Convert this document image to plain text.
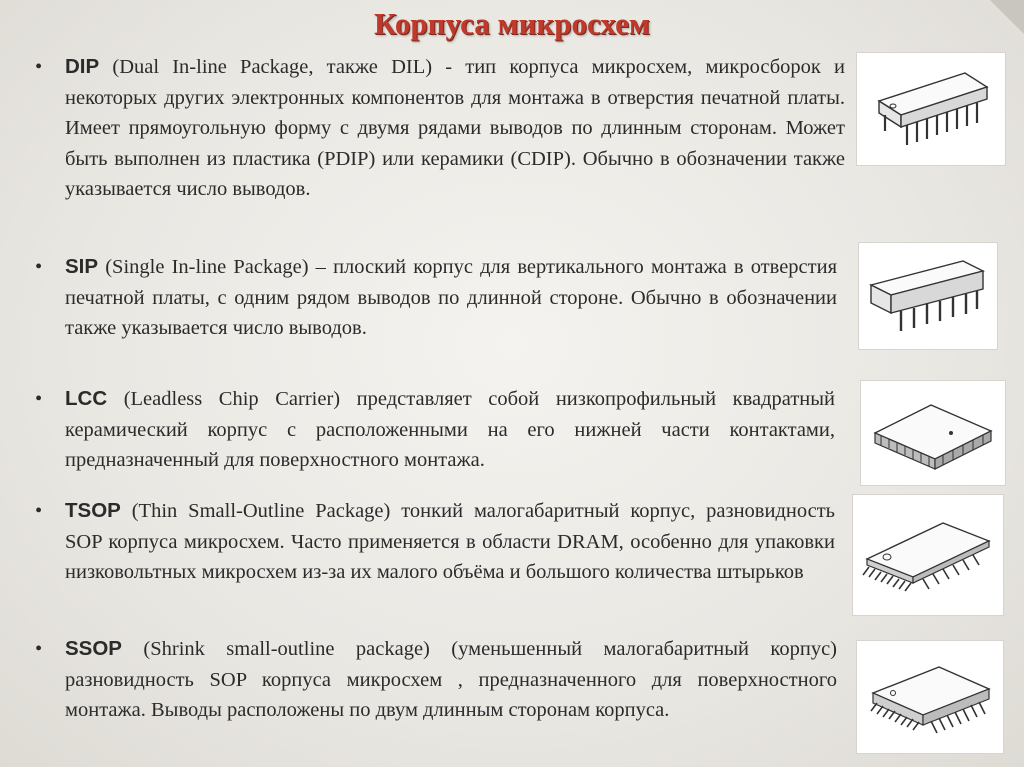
Корпуса микросхем
• DIP (Dual In-line Package, также DIL) - тип корпуса микросхем, микросборок и некоторых других электронных компонентов для монтажа в отверстия печатной платы. Имеет прямоугольную форму с двумя рядами выводов по длинным сторонам. Может быть выполнен из пластика (PDIP) или керамики (CDIP). Обычно в обозначении также указывается число выводов.
• SIP (Single In-line Package) – плоский корпус для вертикального монтажа в отверстия печатной платы, с одним рядом выводов по длинной стороне. Обычно в обозначении также указывается число выводов.
• LCC (Leadless Chip Carrier) представляет собой низкопрофильный квадратный керамический корпус с расположенными на его нижней части контактами, предназначенный для поверхностного монтажа.
• TSOP (Thin Small-Outline Package) тонкий малогабаритный корпус, разновидность SOP корпуса микросхем. Часто применяется в области DRAM, особенно для упаковки низковольтных микросхем из-за их малого объёма и большого количества штырьков
• SSOP (Shrink small-outline package) (уменьшенный малогабаритный корпус) разновидность SOP корпуса микросхем , предназначенного для поверхностного монтажа. Выводы расположены по двум длинным сторонам корпуса.
